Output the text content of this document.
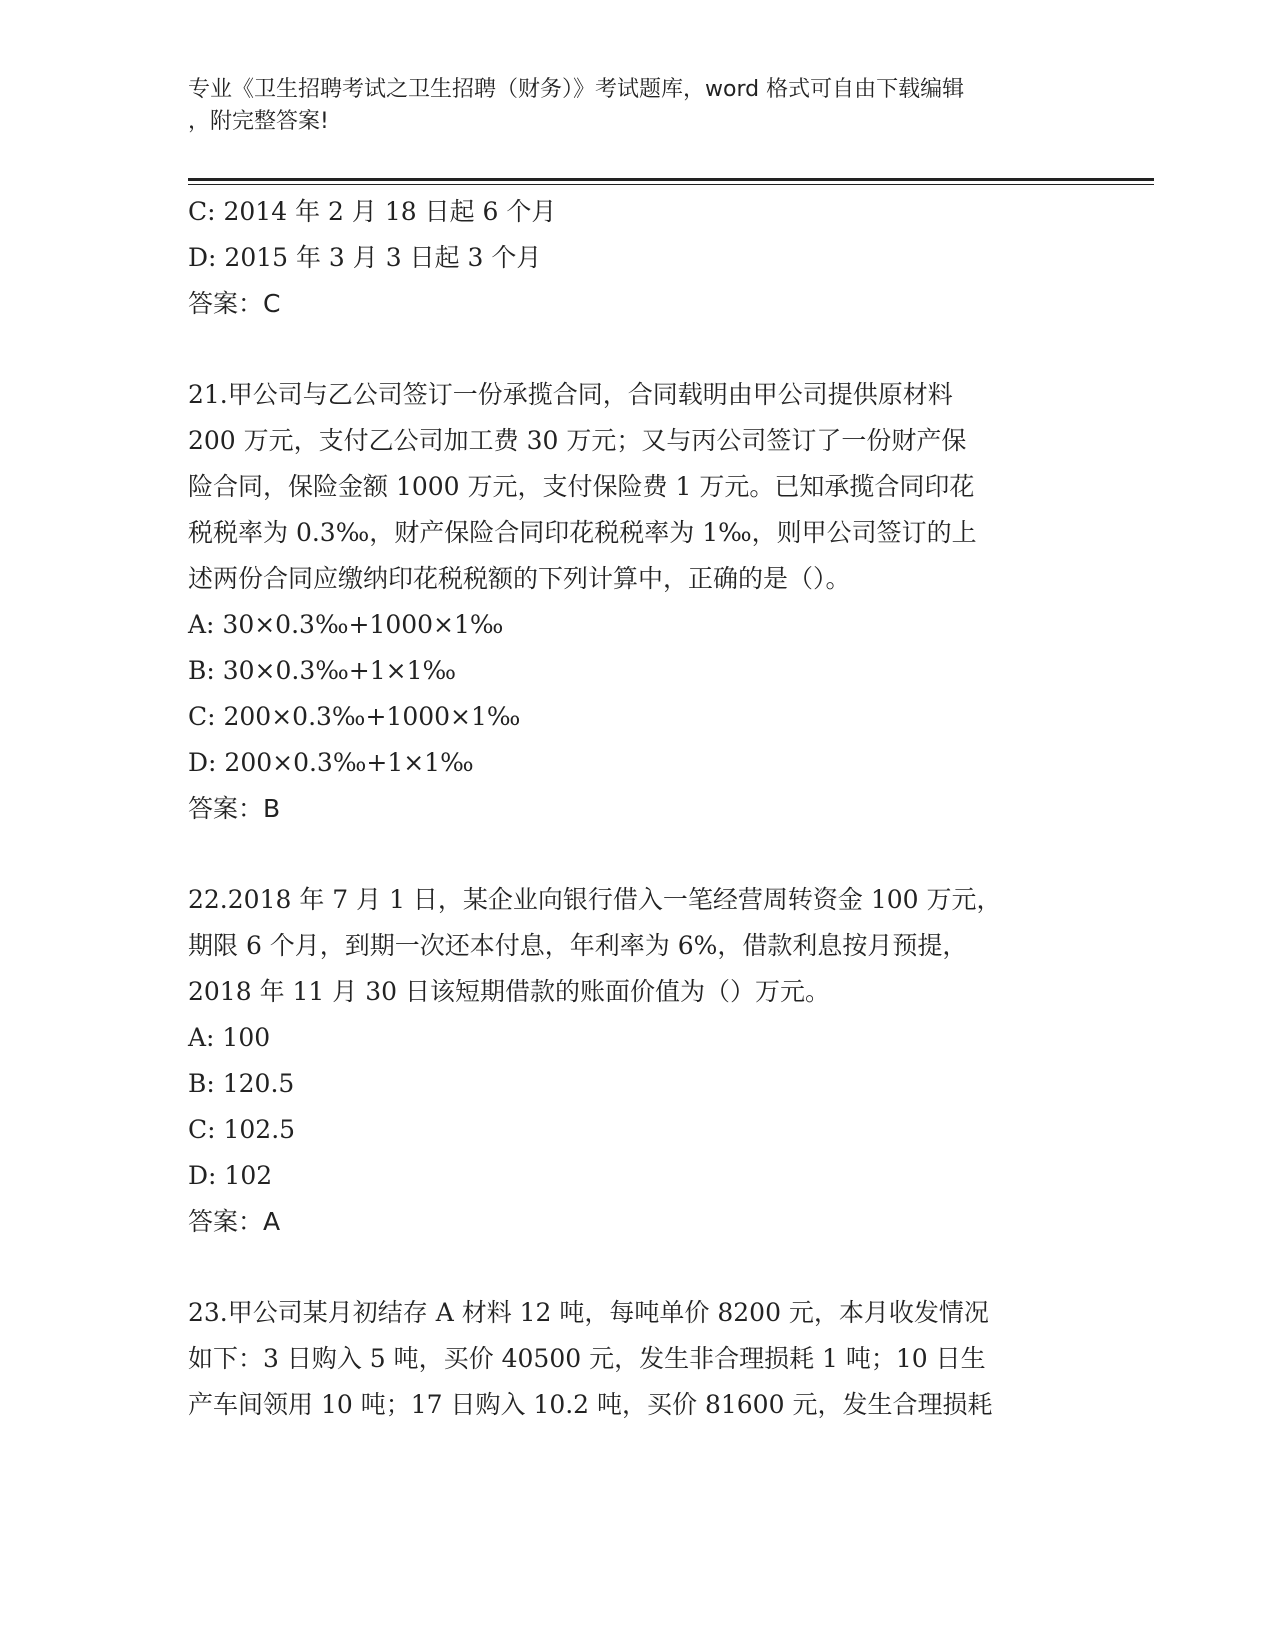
专业《卫生招聘考试之卫生招聘（财务）》考试题库，word 格式可自由下载编辑
，附完整答案!
C: 2014 年 2 月 18 日起 6 个月
D: 2015 年 3 月 3 日起 3 个月
答案：C
21.甲公司与乙公司签订一份承揽合同，合同载明由甲公司提供原材料
200 万元，支付乙公司加工费 30 万元；又与丙公司签订了一份财产保
险合同，保险金额 1000 万元，支付保险费 1 万元。已知承揽合同印花
税税率为 0.3‰，财产保险合同印花税税率为 1‰，则甲公司签订的上
述两份合同应缴纳印花税税额的下列计算中，正确的是（）。
A: 30×0.3‰+1000×1‰
B: 30×0.3‰+1×1‰
C: 200×0.3‰+1000×1‰
D: 200×0.3‰+1×1‰
答案：B
22.2018 年 7 月 1 日，某企业向银行借入一笔经营周转资金 100 万元，
期限 6 个月，到期一次还本付息，年利率为 6%，借款利息按月预提，
2018 年 11 月 30 日该短期借款的账面价值为（）万元。
A: 100
B: 120.5
C: 102.5
D: 102
答案：A
23.甲公司某月初结存 A 材料 12 吨，每吨单价 8200 元，本月收发情况
如下：3 日购入 5 吨，买价 40500 元，发生非合理损耗 1 吨；10 日生
产车间领用 10 吨；17 日购入 10.2 吨，买价 81600 元，发生合理损耗
